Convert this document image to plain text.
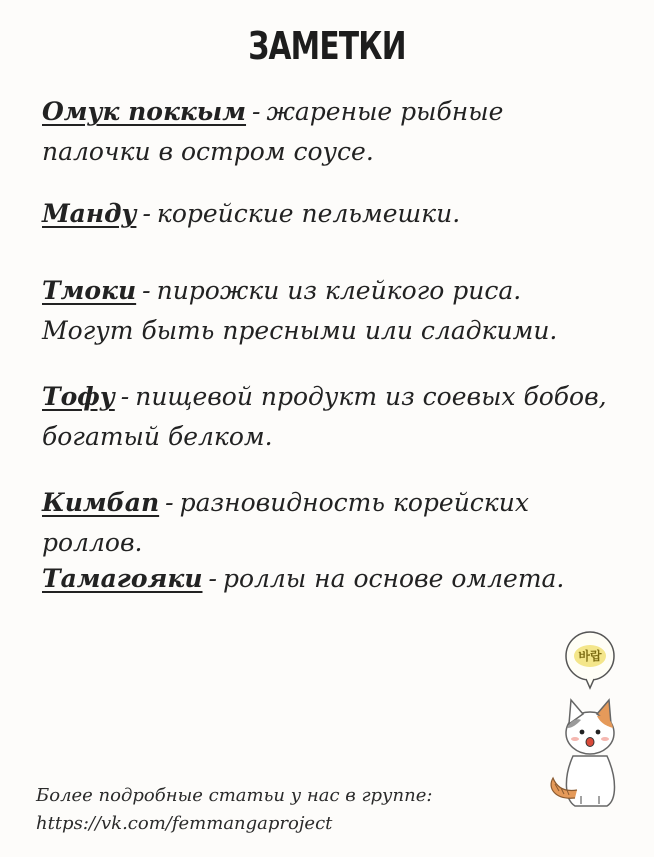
ЗАМЕТКИ
Омук поккым - жареные рыбные палочки в остром соусе.
Манду - корейские пельмешки.
Тмоки - пирожки из клейкого риса. Могут быть пресными или сладкими.
Тофу - пищевой продукт из соевых бобов, богатый белком.
Кимбап - разновидность корейских роллов.
Тамагояки - роллы на основе омлета.
Более подробные статьи у нас в группе:
https://vk.com/femmangaproject
바랍
